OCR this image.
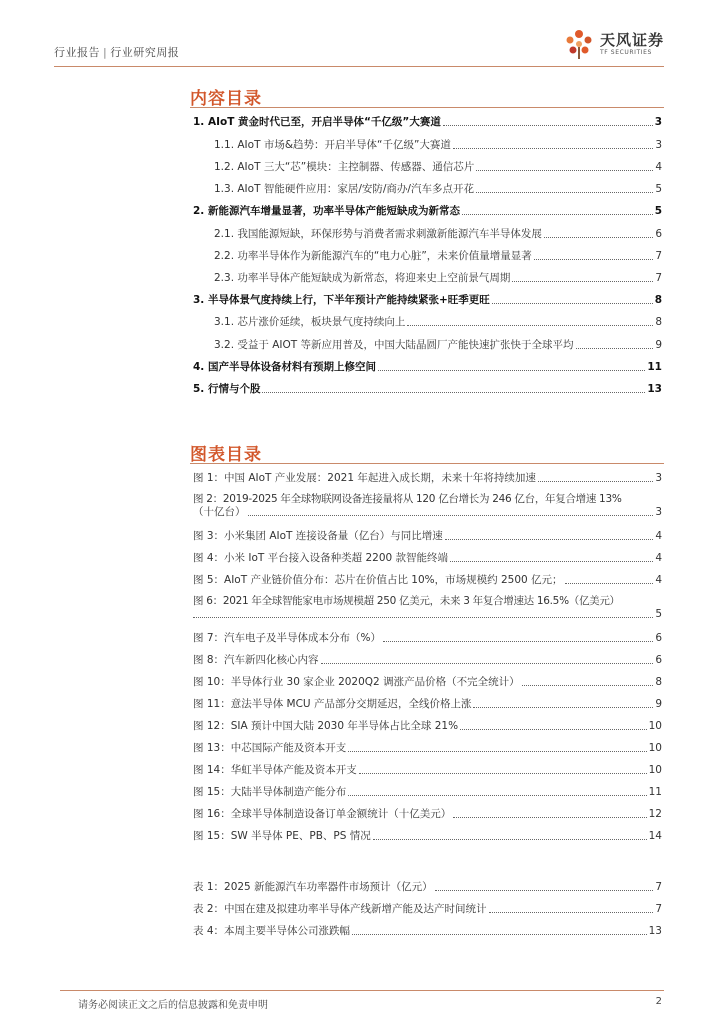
行业报告 | 行业研究周报
天风证券
TF SECURITIES
内容目录
1. AIoT 黄金时代已至，开启半导体“千亿级”大赛道	3
1.1. AIoT 市场&趋势：开启半导体“千亿级”大赛道	3
1.2. AIoT 三大“芯”模块：主控制器、传感器、通信芯片	4
1.3. AIoT 智能硬件应用：家居/安防/商办/汽车多点开花	5
2. 新能源汽车增量显著，功率半导体产能短缺成为新常态	5
2.1. 我国能源短缺，环保形势与消费者需求刺激新能源汽车半导体发展	6
2.2. 功率半导体作为新能源汽车的“电力心脏”，未来价值量增量显著	7
2.3. 功率半导体产能短缺成为新常态，将迎来史上空前景气周期	7
3. 半导体景气度持续上行，下半年预计产能持续紧张+旺季更旺	8
3.1. 芯片涨价延续，板块景气度持续向上	8
3.2. 受益于 AIOT 等新应用普及，中国大陆晶圆厂产能快速扩张快于全球平均	9
4. 国产半导体设备材料有预期上修空间	11
5. 行情与个股	13
图表目录
图 1：中国 AIoT 产业发展：2021 年起进入成长期，未来十年将持续加速	3
图 2：2019-2025 年全球物联网设备连接量将从 120 亿台增长为 246 亿台，年复合增速 13%
（十亿台）	3
图 3：小米集团 AIoT 连接设备量（亿台）与同比增速	4
图 4：小米 IoT 平台接入设备种类超 2200 款智能终端	4
图 5：AIoT 产业链价值分布：芯片在价值占比 10%，市场规模约 2500 亿元；	4
图 6：2021 年全球智能家电市场规模超 250 亿美元，未来 3 年复合增速达 16.5%（亿美元）
5
图 7：汽车电子及半导体成本分布（%）	6
图 8：汽车新四化核心内容	6
图 10：半导体行业 30 家企业 2020Q2 调涨产品价格（不完全统计）	8
图 11：意法半导体 MCU 产品部分交期延迟，全线价格上涨	9
图 12：SIA 预计中国大陆 2030 年半导体占比全球 21%	10
图 13：中芯国际产能及资本开支	10
图 14：华虹半导体产能及资本开支	10
图 15：大陆半导体制造产能分布	11
图 16：全球半导体制造设备订单金额统计（十亿美元）	12
图 15：SW 半导体 PE、PB、PS 情况	14
表 1：2025 新能源汽车功率器件市场预计（亿元）	7
表 2：中国在建及拟建功率半导体产线新增产能及达产时间统计	7
表 4：本周主要半导体公司涨跌幅	13
请务必阅读正文之后的信息披露和免责申明	2
